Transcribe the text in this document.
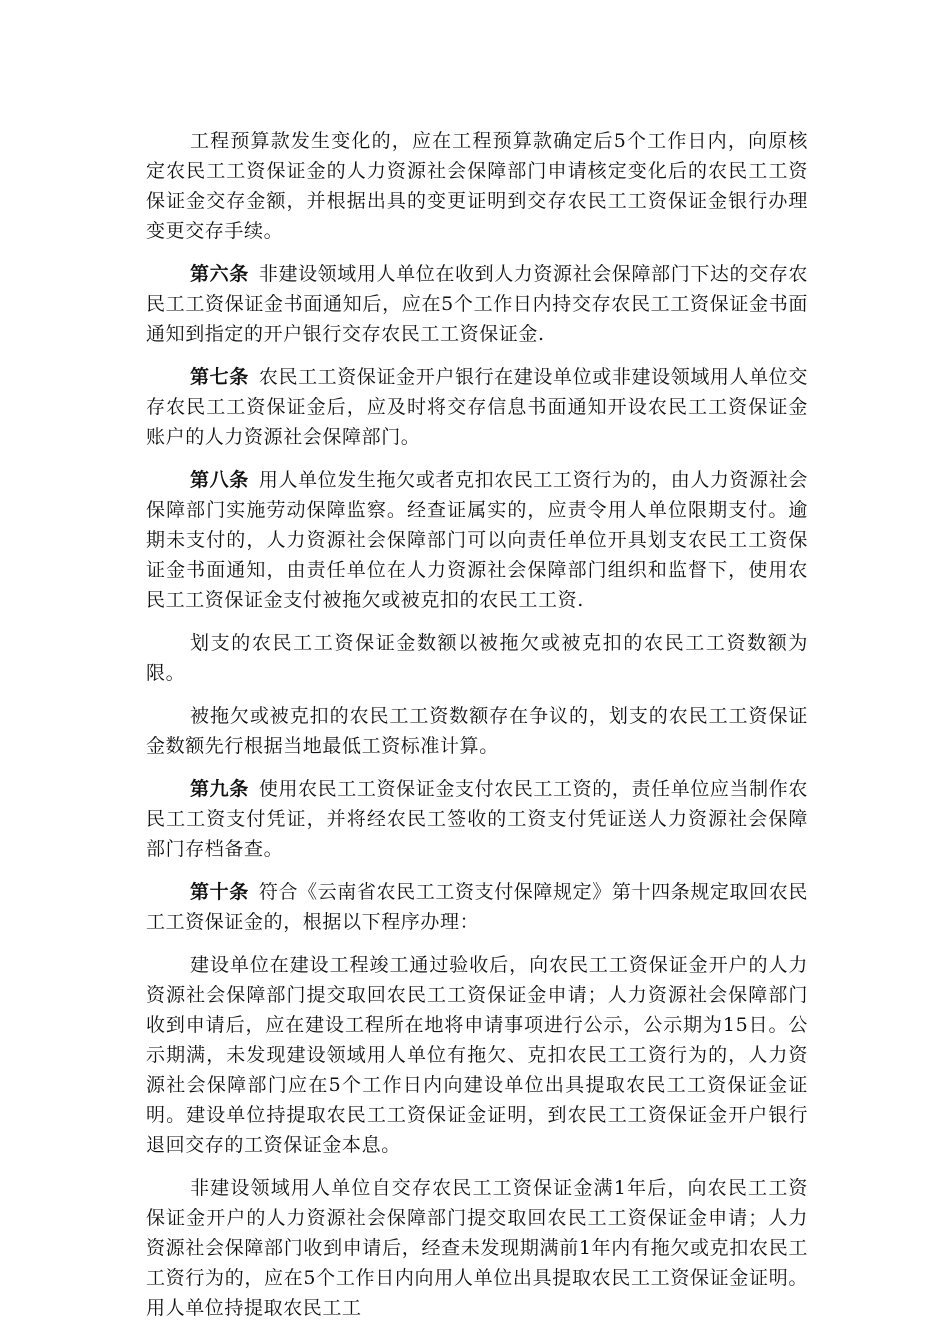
工程预算款发生变化的，应在工程预算款确定后5个工作日内，向原核定农民工工资保证金的人力资源社会保障部门申请核定变化后的农民工工资保证金交存金额，并根据出具的变更证明到交存农民工工资保证金银行办理变更交存手续。

第六条 非建设领域用人单位在收到人力资源社会保障部门下达的交存农民工工资保证金书面通知后，应在5个工作日内持交存农民工工资保证金书面通知到指定的开户银行交存农民工工资保证金.

第七条 农民工工资保证金开户银行在建设单位或非建设领域用人单位交存农民工工资保证金后，应及时将交存信息书面通知开设农民工工资保证金账户的人力资源社会保障部门。

第八条 用人单位发生拖欠或者克扣农民工工资行为的，由人力资源社会保障部门实施劳动保障监察。经查证属实的，应责令用人单位限期支付。逾期未支付的，人力资源社会保障部门可以向责任单位开具划支农民工工资保证金书面通知，由责任单位在人力资源社会保障部门组织和监督下，使用农民工工资保证金支付被拖欠或被克扣的农民工工资.

划支的农民工工资保证金数额以被拖欠或被克扣的农民工工资数额为限。

被拖欠或被克扣的农民工工资数额存在争议的，划支的农民工工资保证金数额先行根据当地最低工资标准计算。

第九条 使用农民工工资保证金支付农民工工资的，责任单位应当制作农民工工资支付凭证，并将经农民工签收的工资支付凭证送人力资源社会保障部门存档备查。

第十条 符合《云南省农民工工资支付保障规定》第十四条规定取回农民工工资保证金的，根据以下程序办理：

建设单位在建设工程竣工通过验收后，向农民工工资保证金开户的人力资源社会保障部门提交取回农民工工资保证金申请；人力资源社会保障部门收到申请后，应在建设工程所在地将申请事项进行公示，公示期为15日。公示期满，未发现建设领域用人单位有拖欠、克扣农民工工资行为的，人力资源社会保障部门应在5个工作日内向建设单位出具提取农民工工资保证金证明。建设单位持提取农民工工资保证金证明，到农民工工资保证金开户银行退回交存的工资保证金本息。

非建设领域用人单位自交存农民工工资保证金满1年后，向农民工工资保证金开户的人力资源社会保障部门提交取回农民工工资保证金申请；人力资源社会保障部门收到申请后，经查未发现期满前1年内有拖欠或克扣农民工工资行为的，应在5个工作日内向用人单位出具提取农民工工资保证金证明。用人单位持提取农民工工
